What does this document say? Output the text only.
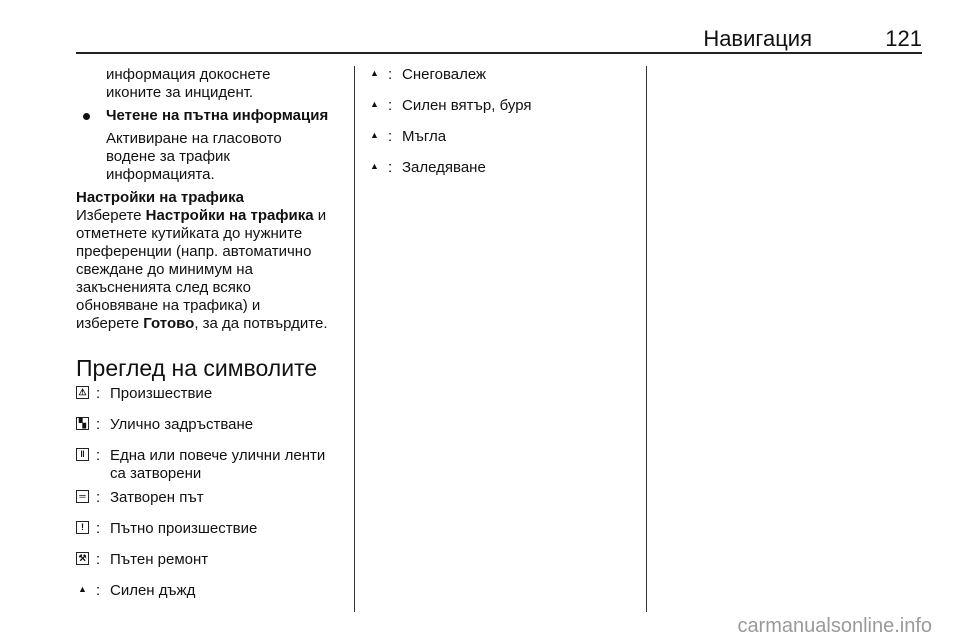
Навигация	121
информация докоснете
иконите за инцидент.
Четене на пътна информация
Активиране на гласовото
водене за трафик
информацията.
Настройки на трафика
Изберете Настройки на трафика и
отметнете кутийката до нужните
преференции (напр. автоматично
свеждане до минимум на
закъсненията след всяко
обновяване на трафика) и
изберете Готово, за да потвърдите.
Преглед на символите
⚠ : Произшествие
▚ : Улично задръстване
‖ : Една или повече улични ленти
са затворени
═ : Затворен път
! : Пътно произшествие
⚒ : Пътен ремонт
▲ : Силен дъжд
▲ : Снеговалеж
▲ : Силен вятър, буря
▲ : Мъгла
▲ : Заледяване
carmanualsonline.info
